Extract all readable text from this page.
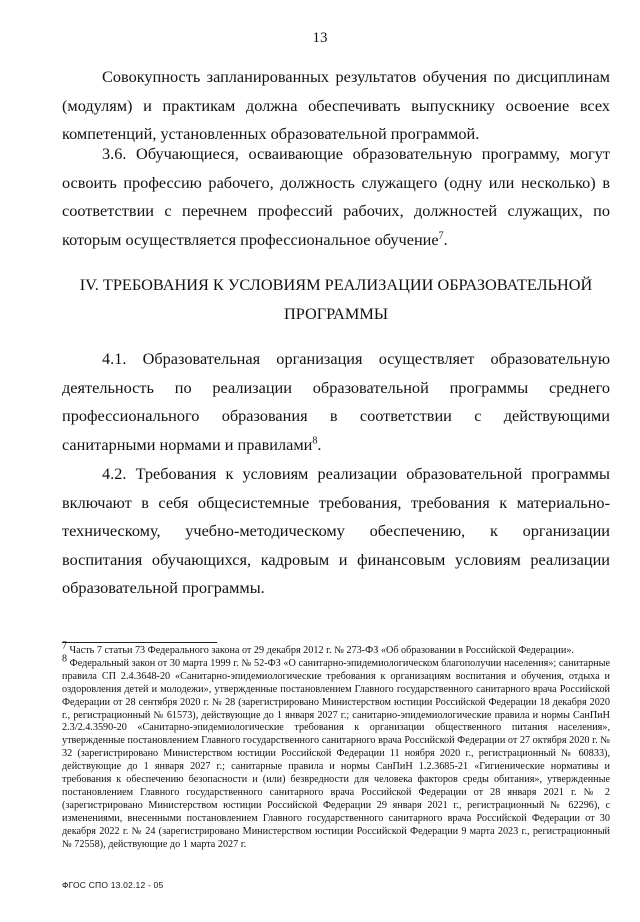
13

Совокупность запланированных результатов обучения по дисциплинам (модулям) и практикам должна обеспечивать выпускнику освоение всех компетенций, установленных образовательной программой.

3.6. Обучающиеся, осваивающие образовательную программу, могут освоить профессию рабочего, должность служащего (одну или несколько) в соответствии с перечнем профессий рабочих, должностей служащих, по которым осуществляется профессиональное обучение$^7$.

IV. ТРЕБОВАНИЯ К УСЛОВИЯМ РЕАЛИЗАЦИИ ОБРАЗОВАТЕЛЬНОЙ ПРОГРАММЫ

4.1. Образовательная организация осуществляет образовательную деятельность по реализации образовательной программы среднего профессионального образования в соответствии с действующими санитарными нормами и правилами$^8$.

4.2. Требования к условиям реализации образовательной программы включают в себя общесистемные требования, требования к материально-техническому, учебно-методическому обеспечению, к организации воспитания обучающихся, кадровым и финансовым условиям реализации образовательной программы.

$^7$ Часть 7 статьи 73 Федерального закона от 29 декабря 2012 г. № 273-ФЗ «Об образовании в Российской Федерации».

$^8$ Федеральный закон от 30 марта 1999 г. № 52-ФЗ «О санитарно-эпидемиологическом благополучии населения»; санитарные правила СП 2.4.3648-20 «Санитарно-эпидемиологические требования к организациям воспитания и обучения, отдыха и оздоровления детей и молодежи», утвержденные постановлением Главного государственного санитарного врача Российской Федерации от 28 сентября 2020 г. № 28 (зарегистрировано Министерством юстиции Российской Федерации 18 декабря 2020 г., регистрационный № 61573), действующие до 1 января 2027 г.; санитарно-эпидемиологические правила и нормы СанПиН 2.3/2.4.3590-20 «Санитарно-эпидемиологические требования к организации общественного питания населения», утвержденные постановлением Главного государственного санитарного врача Российской Федерации от 27 октября 2020 г. № 32 (зарегистрировано Министерством юстиции Российской Федерации 11 ноября 2020 г., регистрационный № 60833), действующие до 1 января 2027 г.; санитарные правила и нормы СанПиН 1.2.3685-21 «Гигиенические нормативы и требования к обеспечению безопасности и (или) безвредности для человека факторов среды обитания», утвержденные постановлением Главного государственного санитарного врача Российской Федерации от 28 января 2021 г. № 2 (зарегистрировано Министерством юстиции Российской Федерации 29 января 2021 г., регистрационный № 62296), с изменениями, внесенными постановлением Главного государственного санитарного врача Российской Федерации от 30 декабря 2022 г. № 24 (зарегистрировано Министерством юстиции Российской Федерации 9 марта 2023 г., регистрационный № 72558), действующие до 1 марта 2027 г.

ФГОС СПО 13.02.12 - 05
